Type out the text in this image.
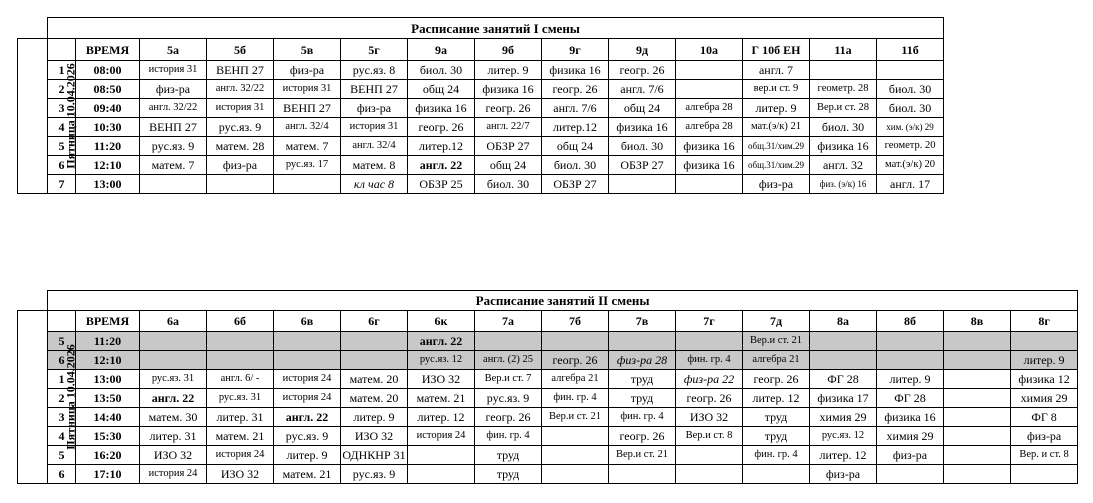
	Расписание занятий I смены													
Пятница 10.04.2026		ВРЕМЯ	5а	5б	5в	5г	9а	9б	9г	9д	10а	Г 10б ЕН	11а	11б
	1	08:00	история 31	ВЕНП 27	физ-ра	рус.яз. 8	биол. 30	литер. 9	физика 16	геогр. 26		англ. 7		
	2	08:50	физ-ра	англ. 32/22	история 31	ВЕНП 27	общ 24	физика 16	геогр. 26	англ. 7/6		вер.и ст. 9	геометр. 28	биол. 30
	3	09:40	англ. 32/22	история 31	ВЕНП 27	физ-ра	физика 16	геогр. 26	англ. 7/6	общ 24	алгебра 28	литер. 9	Вер.и ст. 28	биол. 30
	4	10:30	ВЕНП 27	рус.яз. 9	англ. 32/4	история 31	геогр. 26	англ. 22/7	литер.12	физика 16	алгебра 28	мат.(э/к) 21	биол. 30	хим. (э/к) 29
	5	11:20	рус.яз. 9	матем. 28	матем. 7	англ. 32/4	литер.12	ОБЗР 27	общ 24	биол. 30	физика 16	общ.31/хим.29	физика 16	геометр. 20
	6	12:10	матем. 7	физ-ра	рус.яз. 17	матем. 8	англ. 22	общ 24	биол. 30	ОБЗР 27	физика 16	общ.31/хим.29	англ. 32	мат.(э/к) 20
	7	13:00				кл час 8	ОБЗР 25	биол. 30	ОБЗР 27			физ-ра	физ. (э/к) 16	англ. 17
	Расписание занятий II смены															
Пятница 10.04.2026		ВРЕМЯ	6а	6б	6в	6г	6к	7а	7б	7в	7г	7д	8а	8б	8в	8г
	5	11:20					англ. 22					Вер.и ст. 21				
	6	12:10					рус.яз. 12	англ. (2) 25	геогр. 26	физ-ра 28	фин. гр. 4	алгебра 21				литер. 9
	1	13:00	рус.яз. 31	англ. 6/ -	история 24	матем. 20	ИЗО 32	Вер.и ст. 7	алгебра 21	труд	физ-ра 22	геогр. 26	ФГ 28	литер. 9		физика 12
	2	13:50	англ. 22	рус.яз. 31	история 24	матем. 20	матем. 21	рус.яз. 9	фин. гр. 4	труд	геогр. 26	литер. 12	физика 17	ФГ 28		химия 29
	3	14:40	матем. 30	литер. 31	англ. 22	литер. 9	литер. 12	геогр. 26	Вер.и ст. 21	фин. гр. 4	ИЗО 32	труд	химия 29	физика 16		ФГ 8
	4	15:30	литер. 31	матем. 21	рус.яз. 9	ИЗО 32	история 24	фин. гр. 4		геогр. 26	Вер.и ст. 8	труд	рус.яз. 12	химия 29		физ-ра
	5	16:20	ИЗО 32	история 24	литер. 9	ОДНКНР 31		труд		Вер.и ст. 21		фин. гр. 4	литер. 12	физ-ра		Вер. и ст. 8
	6	17:10	история 24	ИЗО 32	матем. 21	рус.яз. 9		труд					физ-ра			
